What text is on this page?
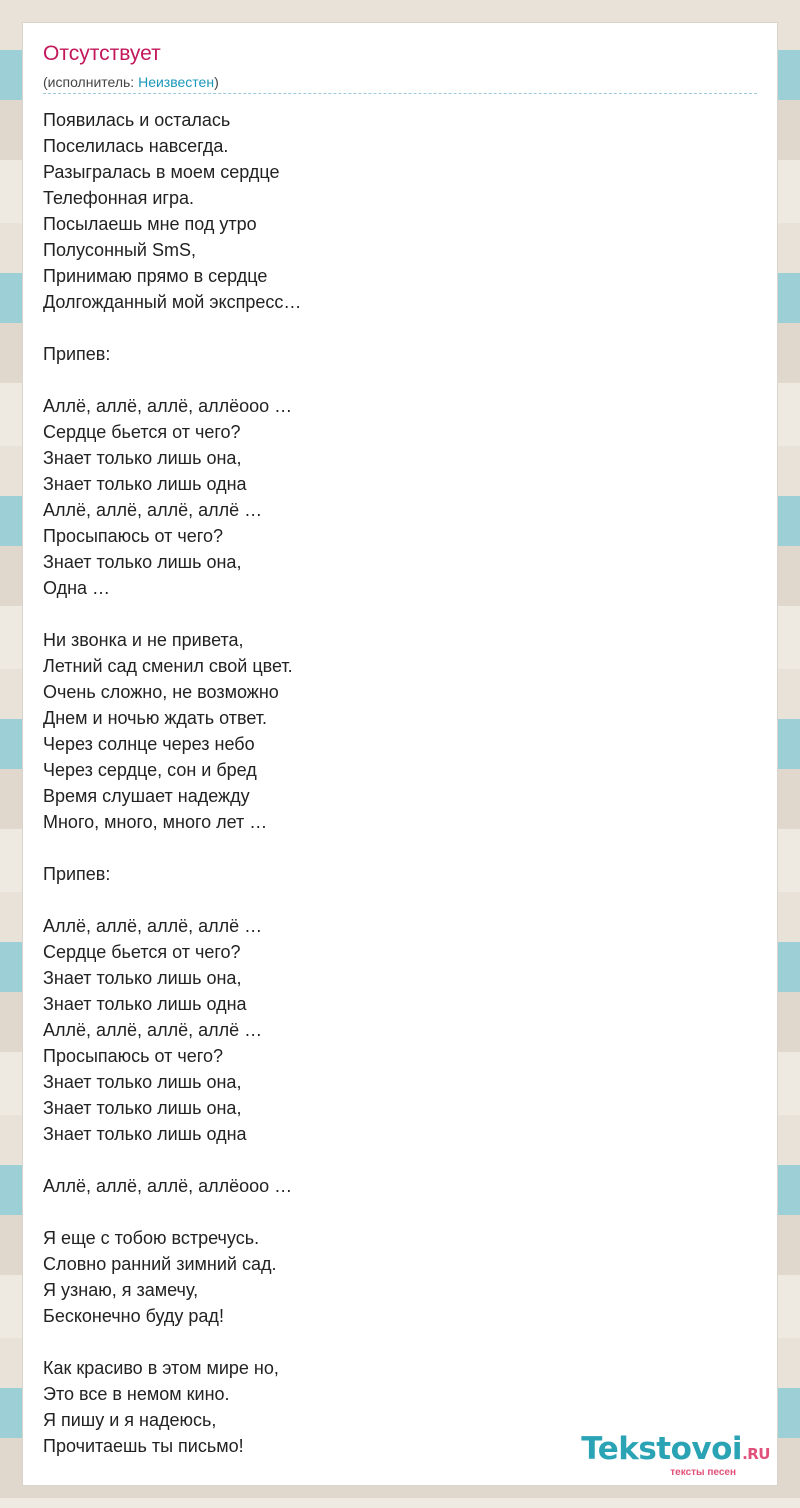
Отсутствует
(исполнитель: Неизвестен)
Появилась и осталась
Поселилась навсегда.
Разыгралась в моем сердце
Телефонная игра.
Посылаешь мне под утро
Полусонный SmS,
Принимаю прямо в сердце
Долгожданный мой экспресс…
Припев:
Аллё, аллё, аллё, аллёооо …
Сердце бьется от чего?
Знает только лишь она,
Знает только лишь одна
Аллё, аллё, аллё, аллё …
Просыпаюсь от чего?
Знает только лишь она,
Одна …
Ни звонка и не привета,
Летний сад сменил свой цвет.
Очень сложно, не возможно
Днем и ночью ждать ответ.
Через солнце через небо
Через сердце, сон и бред
Время слушает надежду
Много, много, много лет …
Припев:
Аллё, аллё, аллё, аллё …
Сердце бьется от чего?
Знает только лишь она,
Знает только лишь одна
Аллё, аллё, аллё, аллё …
Просыпаюсь от чего?
Знает только лишь она,
Знает только лишь она,
Знает только лишь одна
Аллё, аллё, аллё, аллёооо …
Я еще с тобою встречусь.
Словно ранний зимний сад.
Я узнаю, я замечу,
Бесконечно буду рад!
Как красиво в этом мире но,
Это все в немом кино.
Я пишу и я надеюсь,
Прочитаешь ты письмо!	Tekstovoi.RU
тексты песен
